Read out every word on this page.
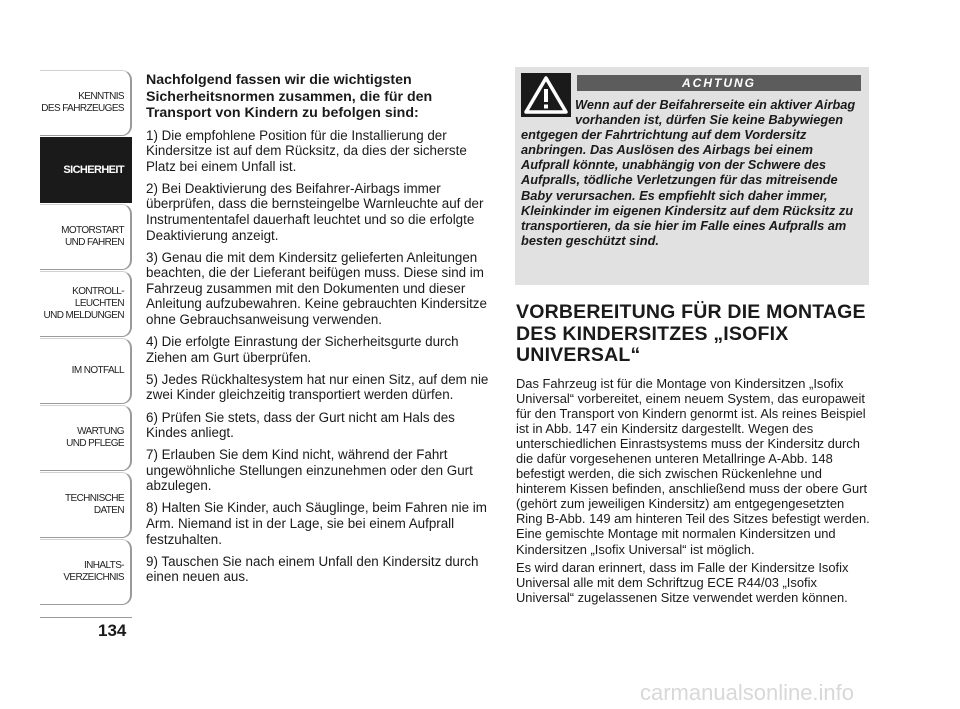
KENNTNIS
DES FAHRZEUGES
SICHERHEIT
MOTORSTART
UND FAHREN
KONTROLL-
LEUCHTEN
UND MELDUNGEN
IM NOTFALL
WARTUNG
UND PFLEGE
TECHNISCHE
DATEN
INHALTS-
VERZEICHNIS
134

Nachfolgend fassen wir die wichtigsten Sicherheitsnormen zusammen, die für den Transport von Kindern zu befolgen sind:

1) Die empfohlene Position für die Installierung der Kindersitze ist auf dem Rücksitz, da dies der sicherste Platz bei einem Unfall ist.

2) Bei Deaktivierung des Beifahrer-Airbags immer überprüfen, dass die bernsteingelbe Warnleuchte auf der Instrumententafel dauerhaft leuchtet und so die erfolgte Deaktivierung anzeigt.

3) Genau die mit dem Kindersitz gelieferten Anleitungen beachten, die der Lieferant beifügen muss. Diese sind im Fahrzeug zusammen mit den Dokumenten und dieser Anleitung aufzubewahren. Keine gebrauchten Kindersitze ohne Gebrauchsanweisung verwenden.

4) Die erfolgte Einrastung der Sicherheitsgurte durch Ziehen am Gurt überprüfen.

5) Jedes Rückhaltesystem hat nur einen Sitz, auf dem nie zwei Kinder gleichzeitig transportiert werden dürfen.

6) Prüfen Sie stets, dass der Gurt nicht am Hals des Kindes anliegt.

7) Erlauben Sie dem Kind nicht, während der Fahrt ungewöhnliche Stellungen einzunehmen oder den Gurt abzulegen.

8) Halten Sie Kinder, auch Säuglinge, beim Fahren nie im Arm. Niemand ist in der Lage, sie bei einem Aufprall festzuhalten.

9) Tauschen Sie nach einem Unfall den Kindersitz durch einen neuen aus.

ACHTUNG
Wenn auf der Beifahrerseite ein aktiver Airbag vorhanden ist, dürfen Sie keine Babywiegen entgegen der Fahrtrichtung auf dem Vordersitz anbringen. Das Auslösen des Airbags bei einem Aufprall könnte, unabhängig von der Schwere des Aufpralls, tödliche Verletzungen für das mitreisende Baby verursachen. Es empfiehlt sich daher immer, Kleinkinder im eigenen Kindersitz auf dem Rücksitz zu transportieren, da sie hier im Falle eines Aufpralls am besten geschützt sind.
VORBEREITUNG FÜR DIE MONTAGE DES KINDERSITZES „ISOFIX UNIVERSAL“

Das Fahrzeug ist für die Montage von Kindersitzen „Isofix Universal“ vorbereitet, einem neuem System, das europaweit für den Transport von Kindern genormt ist. Als reines Beispiel ist in Abb. 147 ein Kindersitz dargestellt. Wegen des unterschiedlichen Einrastsystems muss der Kindersitz durch die dafür vorgesehenen unteren Metallringe A-Abb. 148 befestigt werden, die sich zwischen Rückenlehne und hinterem Kissen befinden, anschließend muss der obere Gurt (gehört zum jeweiligen Kindersitz) am entgegengesetzten Ring B-Abb. 149 am hinteren Teil des Sitzes befestigt werden. Eine gemischte Montage mit normalen Kindersitzen und Kindersitzen „Isofix Universal“ ist möglich.

Es wird daran erinnert, dass im Falle der Kindersitze Isofix Universal alle mit dem Schriftzug ECE R44/03 „Isofix Universal“ zugelassenen Sitze verwendet werden können.

carmanualsonline.info
